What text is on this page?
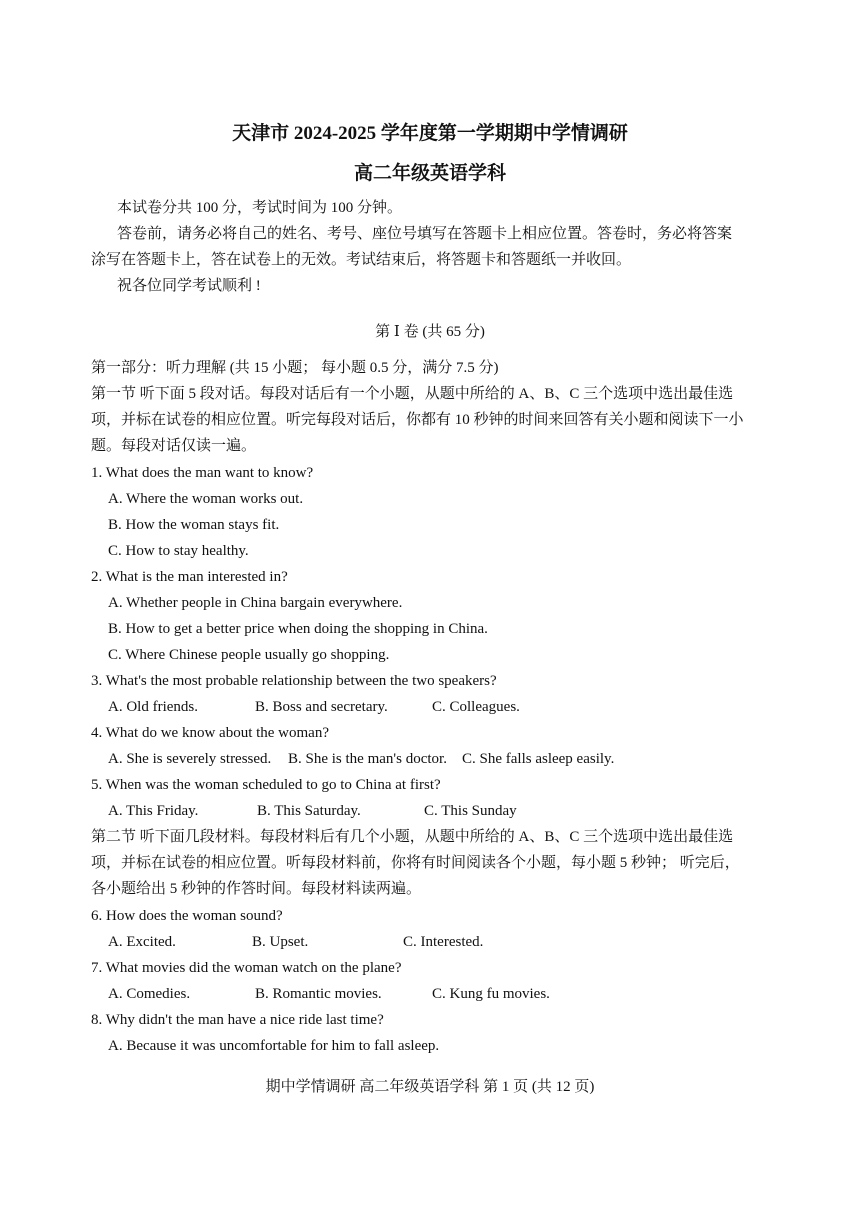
天津市 2024-2025 学年度第一学期期中学情调研
高二年级英语学科
本试卷分共 100 分，考试时间为 100 分钟。
答卷前，请务必将自己的姓名、考号、座位号填写在答题卡上相应位置。答卷时，务必将答案
涂写在答题卡上，答在试卷上的无效。考试结束后，将答题卡和答题纸一并收回。
祝各位同学考试顺利 !
第 Ⅰ 卷 (共 65 分)
第一部分：听力理解 (共 15 小题； 每小题 0.5 分，满分 7.5 分)
第一节 听下面 5 段对话。每段对话后有一个小题，从题中所给的 A、B、C 三个选项中选出最佳选
项，并标在试卷的相应位置。听完每段对话后，你都有 10 秒钟的时间来回答有关小题和阅读下一小
题。每段对话仅读一遍。
1. What does the man want to know?
A. Where the woman works out.
B. How the woman stays fit.
C. How to stay healthy.
2. What is the man interested in?
A. Whether people in China bargain everywhere.
B. How to get a better price when doing the shopping in China.
C. Where Chinese people usually go shopping.
3. What's the most probable relationship between the two speakers?
A. Old friends.	B. Boss and secretary.	C. Colleagues.
4. What do we know about the woman?
A. She is severely stressed. B. She is the man's doctor. C. She falls asleep easily.
5. When was the woman scheduled to go to China at first?
A. This Friday.	B. This Saturday.	C. This Sunday
第二节 听下面几段材料。每段材料后有几个小题，从题中所给的 A、B、C 三个选项中选出最佳选
项，并标在试卷的相应位置。听每段材料前，你将有时间阅读各个小题，每小题 5 秒钟； 听完后，
各小题给出 5 秒钟的作答时间。每段材料读两遍。
6. How does the woman sound?
A. Excited.	B. Upset.	C. Interested.
7. What movies did the woman watch on the plane?
A. Comedies.	B. Romantic movies.	C. Kung fu movies.
8. Why didn't the man have a nice ride last time?
A. Because it was uncomfortable for him to fall asleep.
期中学情调研 高二年级英语学科 第 1 页 (共 12 页)
